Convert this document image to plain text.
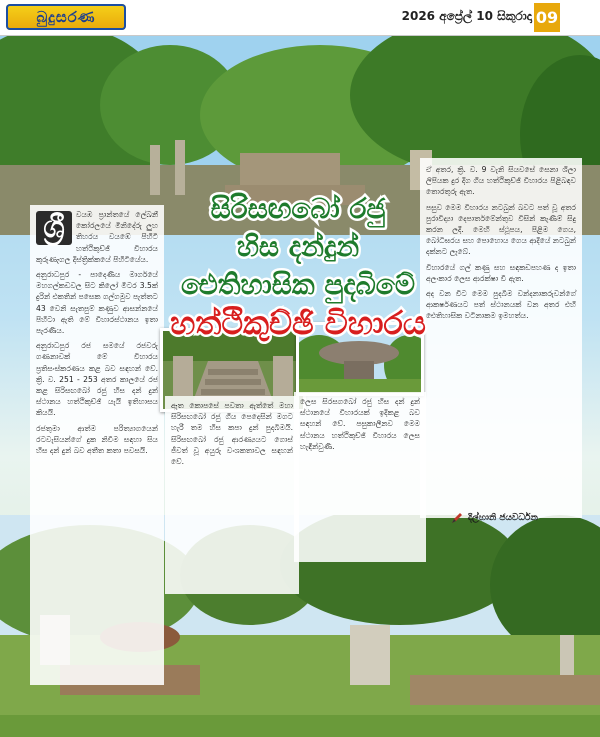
බුදුසරණ	2026 අප්‍රේල් 10 සිකුරාදා 09
ශ්‍රී	වයඹ ප්‍රාන්තයේ ලේඛනී කෝරලයේ මිනිදේරු ලුහ තිහරය වයඹේ පිහිටි හත්ථිකුච්ඡි විහාරය කුරුණෑගල දිස්ත්‍රික්කයේ පිහිටියේය.

අනුරාධපුර - පාදෙණිය මාර්ගයේ මහගල්කඩවල සිට කිලෝ මීටර 3.5ක් දුරින් එකතින් පසෙක ගල්ගමුව පැත්තට 43 වෙනි සැතපුම් කණුව ආසන්නයේ පිහිටා ඇති මේ විහාරස්ථානය ඉතා පැරණිය.

අනුරාධපුර රජ සමයේ රජවරු ගණනාවක් මේ විහාරය ප්‍රතිසංස්කරණය කළ බව සඳහන් වේ. ක්‍රි. ව. 251 - 253 අතර කාලයේ රජ කළ සිරිසඟබෝ රජු හිස දන් දුන් ස්ථානය හත්ථිකුච්ඡි යැයි ඉතිහාසය කියයි.

රජතුමා ආත්ම පරිත්‍යාගයෙන් රටවැසියන්ගේ දුක නිවීම සඳහා සිය හිස දන් දුන් බව අතීත කතා පවසයි.

ඒ අතර, ක්‍රි. ව. 9 වැනි සියවසේ සෙනා ශිලා ලිපියක දුර දිග ගිය හත්ථිකුච්ඡි විහාරය පිළිබඳව තොරතුරු ඇත.

පසුව මෙම විහාරය නටබුන් බවට පත් වූ අතර පුරාවිද්‍යා දෙපාර්තමේන්තුව විසින් කැණීම් සිදු කරන ලදී. මෙහි ස්ථූපය, පිළිම ගෙය, බෝධිඝරය සහ පොහොය ගෙය ආදියේ නටබුන් දක්නට ලැබේ.

විහාරයේ ගල් කණු සහ සඳකඩපහණ ද ඉතා අලංකාර ලෙස ආරක්ෂා වී ඇත.

අද වන විට මෙම පුදබිම වන්දනාකරුවන්ගේ ආකර්ෂණයට පත් ස්ථානයක් වන අතර එහි ඓතිහාසික වටිනාකම ඉමහත්ය.

ඈත කොපසේ පවතා ඇත්තේ මහා සිරිසඟබෝ රජු ගිය පෙදෙසින් මගට හැරී තම හිස කපා දුන් පුදබිමයි. සිරිසඟබෝ රජු ආරණ්‍යයට ගොස් ජීවත් වූ අයුරු වංශකතාවල සඳහන් වේ.

ලෙස සිරසගබෝ රජු හිස දන් දුන් ස්ථානයේ විහාරයක් ඉදිකළ බව සඳහන් වේ. පසුකාලීනව මෙම ස්ථානය හත්ථිකුච්ඡි විහාරය ලෙස හැඳින්වුණි.

සිරිසඟබෝ රජු
හිස දන්දුන්
ඓතිහාසික පුදබිමේ
හත්ථිකුච්ඡි විහාරය
දිල්හානි ජයවර්ධන
